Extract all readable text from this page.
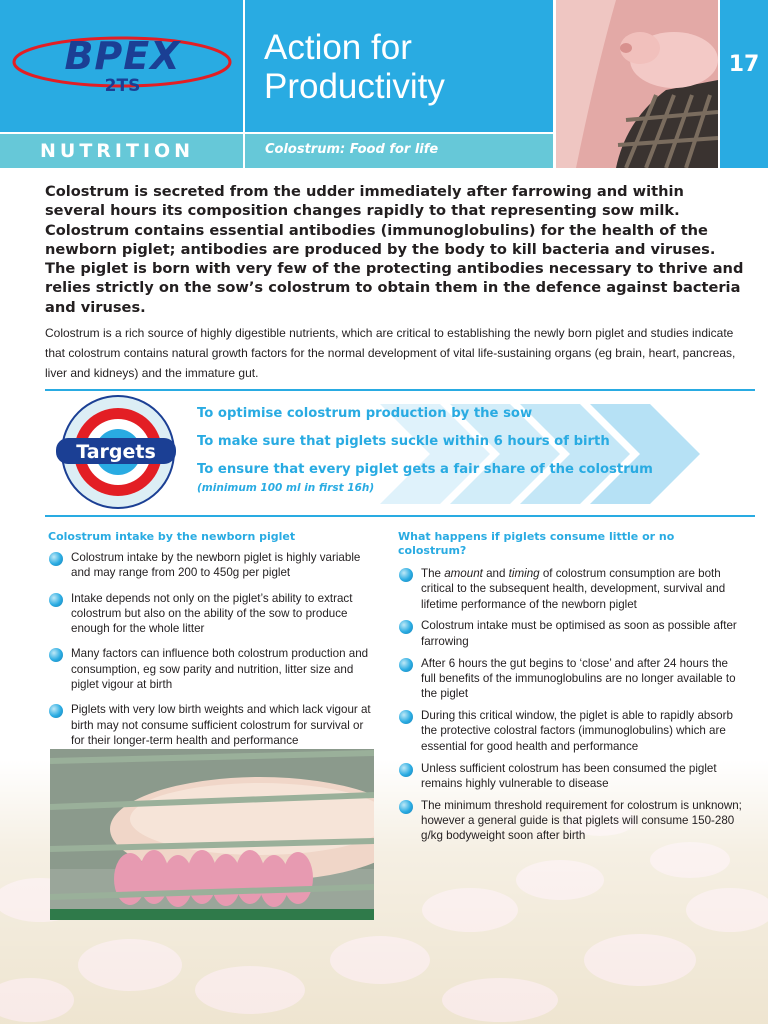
BPEX
2TS
NUTRITION
Action for
Productivity
Colostrum: Food for life
17
Colostrum is secreted from the udder immediately after farrowing and within several hours its composition changes rapidly to that representing sow milk. Colostrum contains essential antibodies (immunoglobulins) for the health of the newborn piglet; antibodies are produced by the body to kill bacteria and viruses. The piglet is born with very few of the protecting antibodies necessary to thrive and relies strictly on the sow’s colostrum to obtain them in the defence against bacteria and viruses.
Colostrum is a rich source of highly digestible nutrients, which are critical to establishing the newly born piglet and studies indicate that colostrum contains natural growth factors for the normal development of vital life-sustaining organs (eg brain, heart, pancreas, liver and kidneys) and the immature gut.
Targets
To optimise colostrum production by the sow
To make sure that piglets suckle within 6 hours of birth
To ensure that every piglet gets a fair share of the colostrum
(minimum 100 ml in first 16h)
Colostrum intake by the newborn piglet
Colostrum intake by the newborn piglet is highly variable and may range from 200 to 450g per piglet
Intake depends not only on the piglet’s ability to extract colostrum but also on the ability of the sow to produce enough for the whole litter
Many factors can influence both colostrum production and consumption, eg sow parity and nutrition, litter size and piglet vigour at birth
Piglets with very low birth weights and which lack vigour at birth may not consume sufficient colostrum for survival or for their longer-term health and performance
What happens if piglets consume little or no colostrum?
The amount and timing of colostrum consumption are both critical to the subsequent health, development, survival and lifetime performance of the newborn piglet
Colostrum intake must be optimised as soon as possible after farrowing
After 6 hours the gut begins to ‘close’ and after 24 hours the full benefits of the immunoglobulins are no longer available to the piglet
During this critical window, the piglet is able to rapidly absorb the protective colostral factors (immunoglobulins) which are essential for good health and performance
Unless sufficient colostrum has been consumed the piglet remains highly vulnerable to disease
The minimum threshold requirement for colostrum is unknown; however a general guide is that piglets will consume 150-280 g/kg bodyweight soon after birth
